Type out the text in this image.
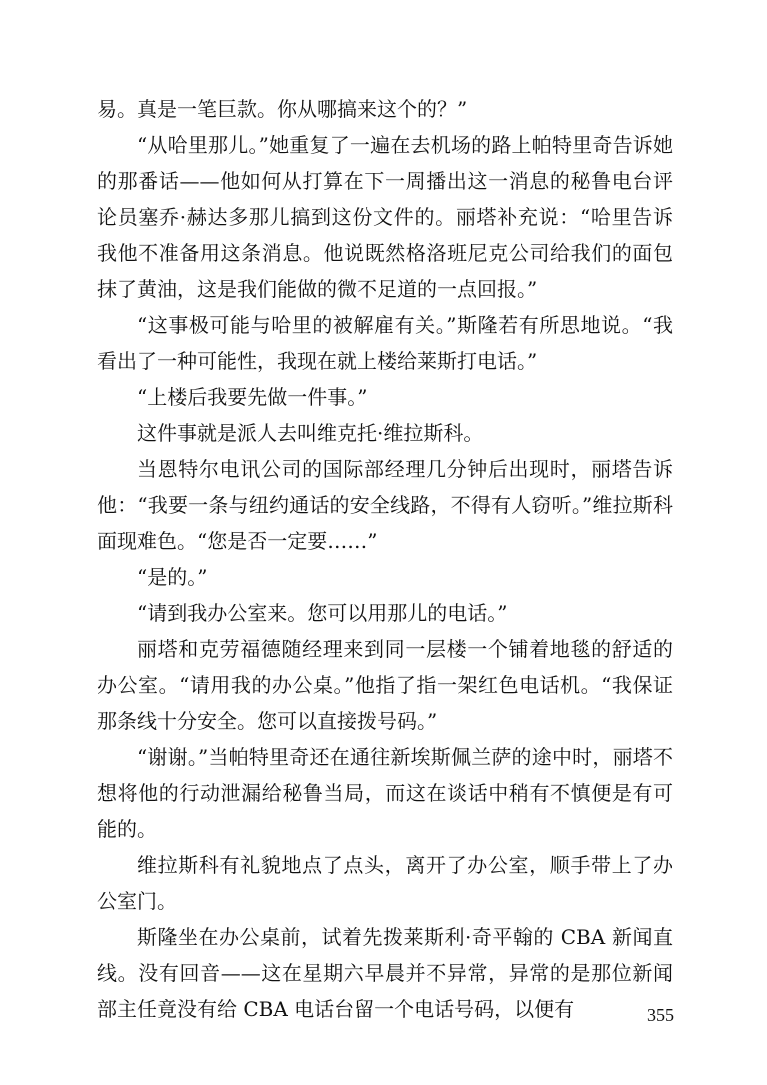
易。真是一笔巨款。你从哪搞来这个的？”

“从哈里那儿。”她重复了一遍在去机场的路上帕特里奇告诉她的那番话——他如何从打算在下一周播出这一消息的秘鲁电台评论员塞乔·赫达多那儿搞到这份文件的。丽塔补充说：“哈里告诉我他不准备用这条消息。他说既然格洛班尼克公司给我们的面包抹了黄油，这是我们能做的微不足道的一点回报。”

“这事极可能与哈里的被解雇有关。”斯隆若有所思地说。“我看出了一种可能性，我现在就上楼给莱斯打电话。”

“上楼后我要先做一件事。”

这件事就是派人去叫维克托·维拉斯科。

当恩特尔电讯公司的国际部经理几分钟后出现时，丽塔告诉他：“我要一条与纽约通话的安全线路，不得有人窃听。”维拉斯科面现难色。“您是否一定要……”

“是的。”

“请到我办公室来。您可以用那儿的电话。”

丽塔和克劳福德随经理来到同一层楼一个铺着地毯的舒适的办公室。“请用我的办公桌。”他指了指一架红色电话机。“我保证那条线十分安全。您可以直接拨号码。”

“谢谢。”当帕特里奇还在通往新埃斯佩兰萨的途中时，丽塔不想将他的行动泄漏给秘鲁当局，而这在谈话中稍有不慎便是有可能的。

维拉斯科有礼貌地点了点头，离开了办公室，顺手带上了办公室门。

斯隆坐在办公桌前，试着先拨莱斯利·奇平翰的 CBA 新闻直线。没有回音——这在星期六早晨并不异常，异常的是那位新闻部主任竟没有给 CBA 电话台留一个电话号码，以便有	355
